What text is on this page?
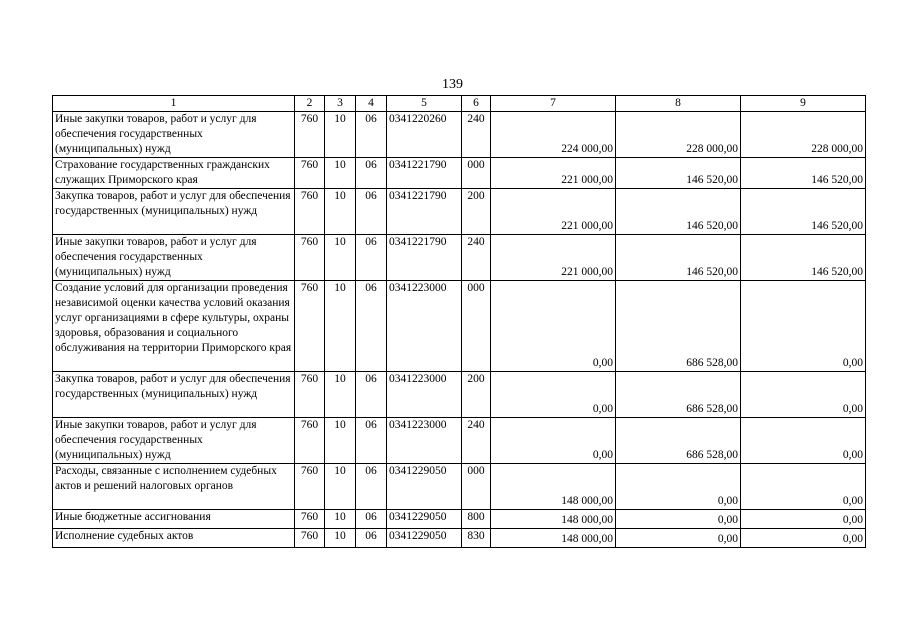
139
1	2	3	4	5	6	7	8	9
Иные закупки товаров, работ и услуг для обеспечения государственных (муниципальных) нужд	760	10	06	0341220260	240	224 000,00	228 000,00	228 000,00
Страхование государственных гражданских служащих Приморского края	760	10	06	0341221790	000	221 000,00	146 520,00	146 520,00
Закупка товаров, работ и услуг для обеспечения государственных (муниципальных) нужд	760	10	06	0341221790	200	221 000,00	146 520,00	146 520,00
Иные закупки товаров, работ и услуг для обеспечения государственных (муниципальных) нужд	760	10	06	0341221790	240	221 000,00	146 520,00	146 520,00
Создание условий для организации проведения независимой оценки качества условий оказания услуг организациями в сфере культуры, охраны здоровья, образования и социального обслуживания на территории Приморского края	760	10	06	0341223000	000	0,00	686 528,00	0,00
Закупка товаров, работ и услуг для обеспечения государственных (муниципальных) нужд	760	10	06	0341223000	200	0,00	686 528,00	0,00
Иные закупки товаров, работ и услуг для обеспечения государственных (муниципальных) нужд	760	10	06	0341223000	240	0,00	686 528,00	0,00
Расходы, связанные с исполнением судебных актов и решений налоговых органов	760	10	06	0341229050	000	148 000,00	0,00	0,00
Иные бюджетные ассигнования	760	10	06	0341229050	800	148 000,00	0,00	0,00
Исполнение судебных актов	760	10	06	0341229050	830	148 000,00	0,00	0,00
